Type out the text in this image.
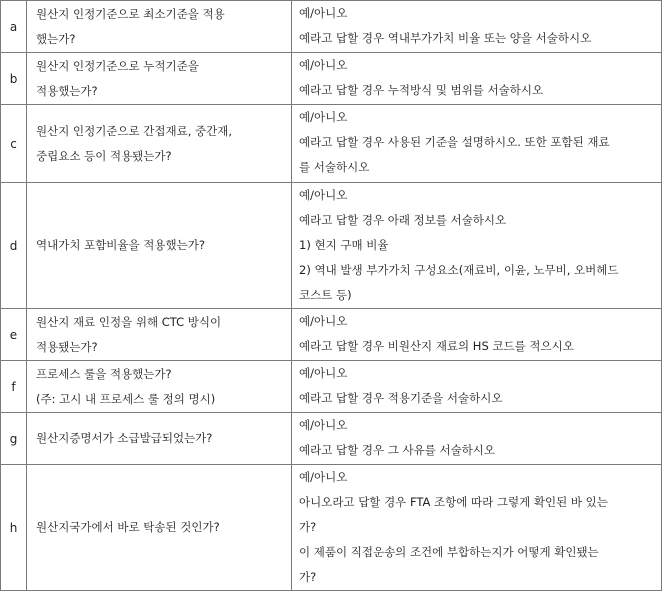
a	원산지 인정기준으로 최소기준을 적용
했는가?	예/아니오
예라고 답할 경우 역내부가가치 비율 또는 양을 서술하시오

b	원산지 인정기준으로 누적기준을
적용했는가?	예/아니오
예라고 답할 경우 누적방식 및 범위를 서술하시오

c	원산지 인정기준으로 간접재료, 중간재,
중립요소 등이 적용됐는가?	예/아니오
예라고 답할 경우 사용된 기준을 설명하시오. 또한 포함된 재료
를 서술하시오

d	역내가치 포함비율을 적용했는가?	예/아니오
예라고 답할 경우 아래 정보를 서술하시오
1) 현지 구매 비율
2) 역내 발생 부가가치 구성요소(재료비, 이윤, 노무비, 오버헤드
코스트 등)

e	원산지 재료 인정을 위해 CTC 방식이
적용됐는가?	예/아니오
예라고 답할 경우 비원산지 재료의 HS 코드를 적으시오

f	프로세스 룰을 적용했는가?
(주: 고시 내 프로세스 룰 정의 명시)	예/아니오
예라고 답할 경우 적용기준을 서술하시오

g	원산지증명서가 소급발급되었는가?	예/아니오
예라고 답할 경우 그 사유를 서술하시오

h	원산지국가에서 바로 탁송된 것인가?	예/아니오
아니오라고 답할 경우 FTA 조항에 따라 그렇게 확인된 바 있는
가?
이 제품이 직접운송의 조건에 부합하는지가 어떻게 확인됐는
가?
